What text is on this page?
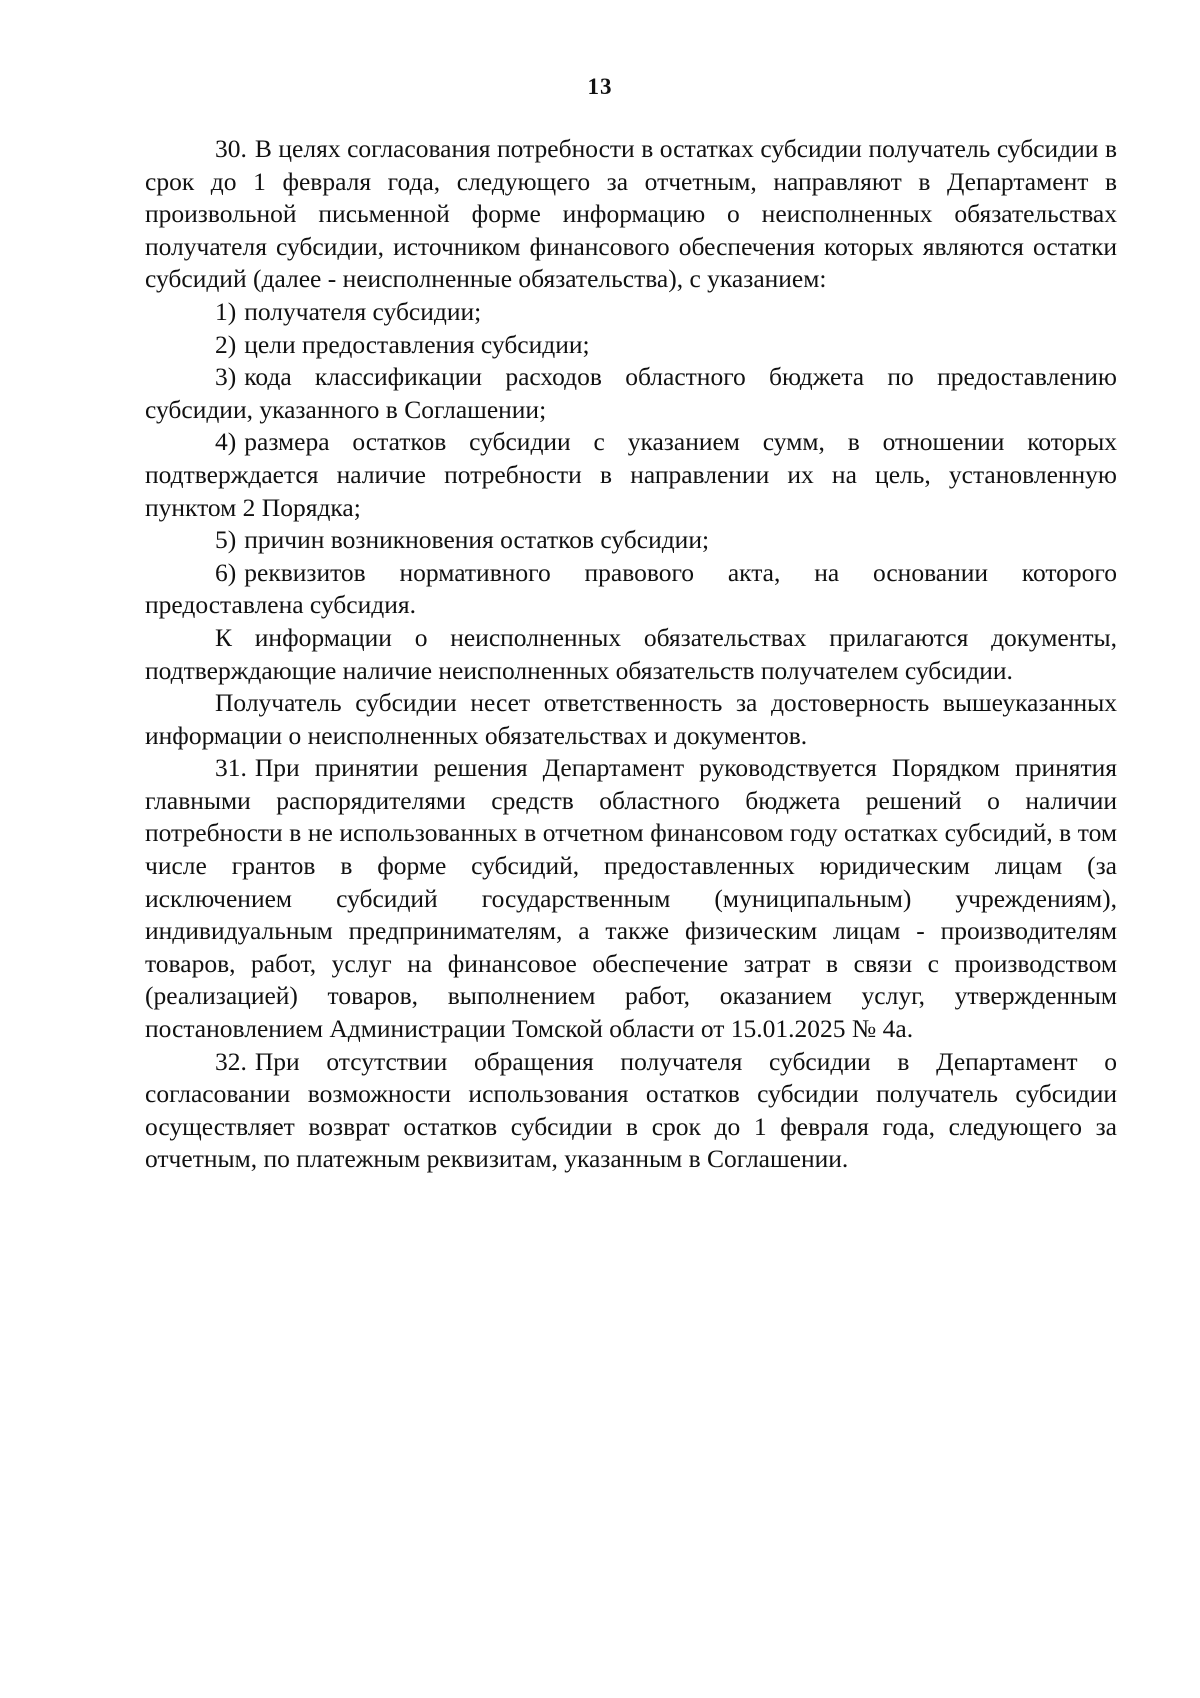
13

30. В целях согласования потребности в остатках субсидии получатель субсидии в срок до 1 февраля года, следующего за отчетным, направляют в Департамент в произвольной письменной форме информацию о неисполненных обязательствах получателя субсидии, источником финансового обеспечения которых являются остатки субсидий (далее - неисполненные обязательства), с указанием:

1) получателя субсидии;

2) цели предоставления субсидии;

3) кода классификации расходов областного бюджета по предоставлению субсидии, указанного в Соглашении;

4) размера остатков субсидии с указанием сумм, в отношении которых подтверждается наличие потребности в направлении их на цель, установленную пунктом 2 Порядка;

5) причин возникновения остатков субсидии;

6) реквизитов нормативного правового акта, на основании которого предоставлена субсидия.

К информации о неисполненных обязательствах прилагаются документы, подтверждающие наличие неисполненных обязательств получателем субсидии.

Получатель субсидии несет ответственность за достоверность вышеуказанных информации о неисполненных обязательствах и документов.

31. При принятии решения Департамент руководствуется Порядком принятия главными распорядителями средств областного бюджета решений о наличии потребности в не использованных в отчетном финансовом году остатках субсидий, в том числе грантов в форме субсидий, предоставленных юридическим лицам (за исключением субсидий государственным (муниципальным) учреждениям), индивидуальным предпринимателям, а также физическим лицам - производителям товаров, работ, услуг на финансовое обеспечение затрат в связи с производством (реализацией) товаров, выполнением работ, оказанием услуг, утвержденным постановлением Администрации Томской области от 15.01.2025 № 4а.

32. При отсутствии обращения получателя субсидии в Департамент о согласовании возможности использования остатков субсидии получатель субсидии осуществляет возврат остатков субсидии в срок до 1 февраля года, следующего за отчетным, по платежным реквизитам, указанным в Соглашении.
